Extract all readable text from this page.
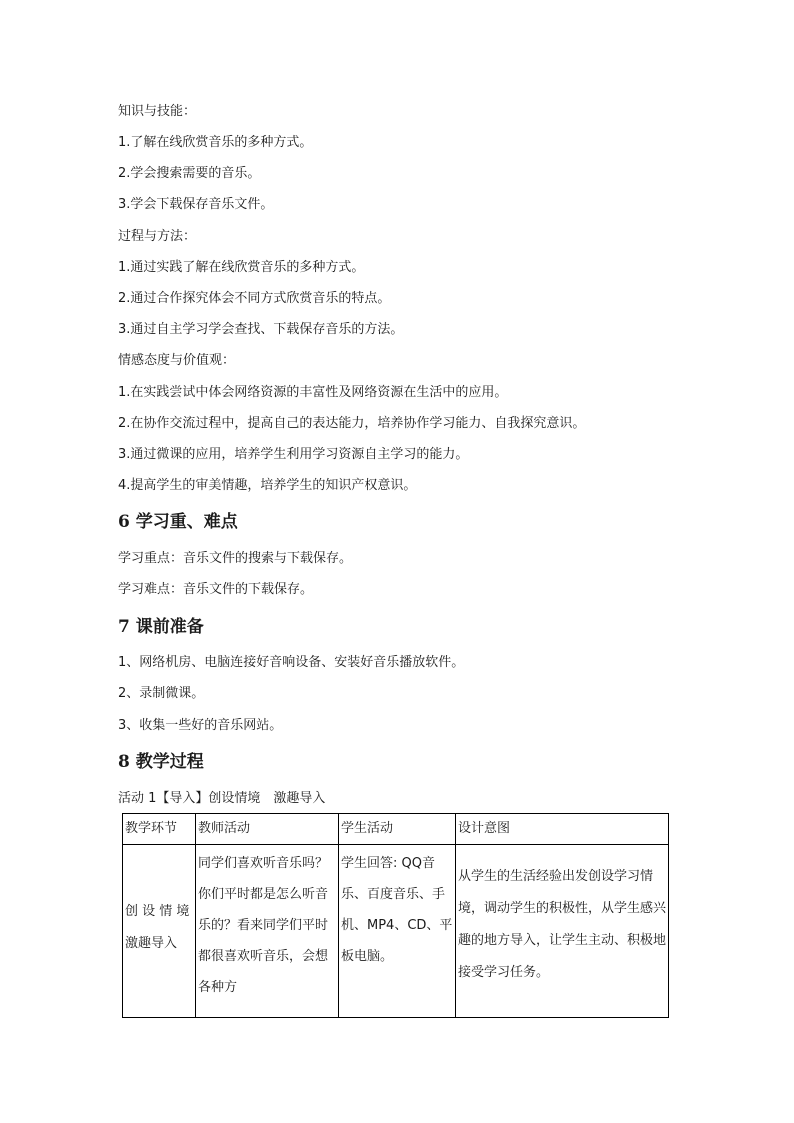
知识与技能：
1.了解在线欣赏音乐的多种方式。
2.学会搜索需要的音乐。
3.学会下载保存音乐文件。
过程与方法：
1.通过实践了解在线欣赏音乐的多种方式。
2.通过合作探究体会不同方式欣赏音乐的特点。
3.通过自主学习学会查找、下载保存音乐的方法。
情感态度与价值观：
1.在实践尝试中体会网络资源的丰富性及网络资源在生活中的应用。
2.在协作交流过程中，提高自己的表达能力，培养协作学习能力、自我探究意识。
3.通过微课的应用，培养学生利用学习资源自主学习的能力。
4.提高学生的审美情趣，培养学生的知识产权意识。
6 学习重、难点
学习重点：音乐文件的搜索与下载保存。
学习难点：音乐文件的下载保存。
7 课前准备
1、网络机房、电脑连接好音响设备、安装好音乐播放软件。
2、录制微课。
3、收集一些好的音乐网站。
8 教学过程
活动 1【导入】创设情境　激趣导入
教学环节	教师活动	学生活动	设计意图

创 设 情 境 激趣导入	同学们喜欢听音乐吗？你们平时都是怎么听音乐的？看来同学们平时都很喜欢听音乐，会想各种方	学生回答: QQ音乐、百度音乐、手机、MP4、CD、平板电脑。	从学生的生活经验出发创设学习情境，调动学生的积极性，从学生感兴趣的地方导入，让学生主动、积极地接受学习任务。
